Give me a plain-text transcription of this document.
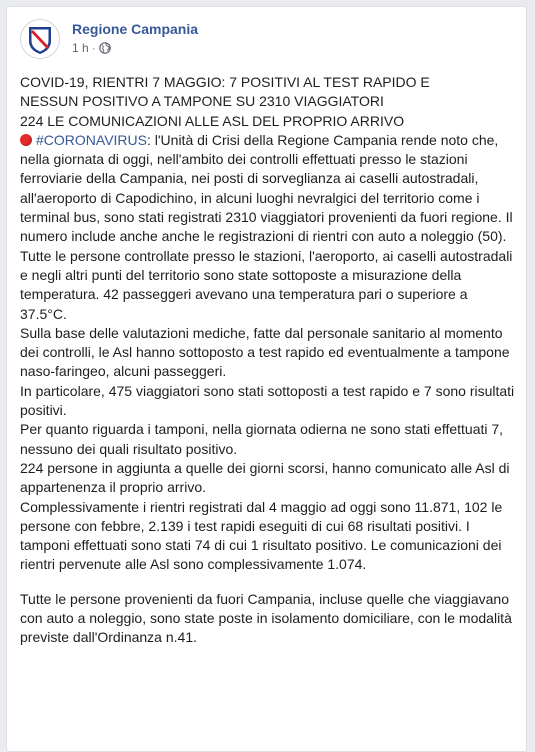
Regione Campania
1 h ·

COVID-19, RIENTRI 7 MAGGIO: 7 POSITIVI AL TEST RAPIDO E

NESSUN POSITIVO A TAMPONE SU 2310 VIAGGIATORI

224 LE COMUNICAZIONI ALLE ASL DEL PROPRIO ARRIVO

#CORONAVIRUS: l'Unità di Crisi della Regione Campania rende noto che, nella giornata di oggi, nell'ambito dei controlli effettuati presso le stazioni ferroviarie della Campania, nei posti di sorveglianza ai caselli autostradali, all'aeroporto di Capodichino, in alcuni luoghi nevralgici del territorio come i terminal bus, sono stati registrati 2310 viaggiatori provenienti da fuori regione. Il numero include anche anche le registrazioni di rientri con auto a noleggio (50).

Tutte le persone controllate presso le stazioni, l'aeroporto, ai caselli autostradali e negli altri punti del territorio sono state sottoposte a misurazione della temperatura. 42 passeggeri avevano una temperatura pari o superiore a 37.5°C.

Sulla base delle valutazioni mediche, fatte dal personale sanitario al momento dei controlli, le Asl hanno sottoposto a test rapido ed eventualmente a tampone naso-faringeo, alcuni passeggeri.

In particolare, 475 viaggiatori sono stati sottoposti a test rapido e 7 sono risultati positivi.

Per quanto riguarda i tamponi, nella giornata odierna ne sono stati effettuati 7, nessuno dei quali risultato positivo.

224 persone in aggiunta a quelle dei giorni scorsi, hanno comunicato alle Asl di appartenenza il proprio arrivo.

Complessivamente i rientri registrati dal 4 maggio ad oggi sono 11.871, 102 le persone con febbre, 2.139 i test rapidi eseguiti di cui 68 risultati positivi. I tamponi effettuati sono stati 74 di cui 1 risultato positivo. Le comunicazioni dei rientri pervenute alle Asl sono complessivamente 1.074.

Tutte le persone provenienti da fuori Campania, incluse quelle che viaggiavano con auto a noleggio, sono state poste in isolamento domiciliare, con le modalità previste dall'Ordinanza n.41.
